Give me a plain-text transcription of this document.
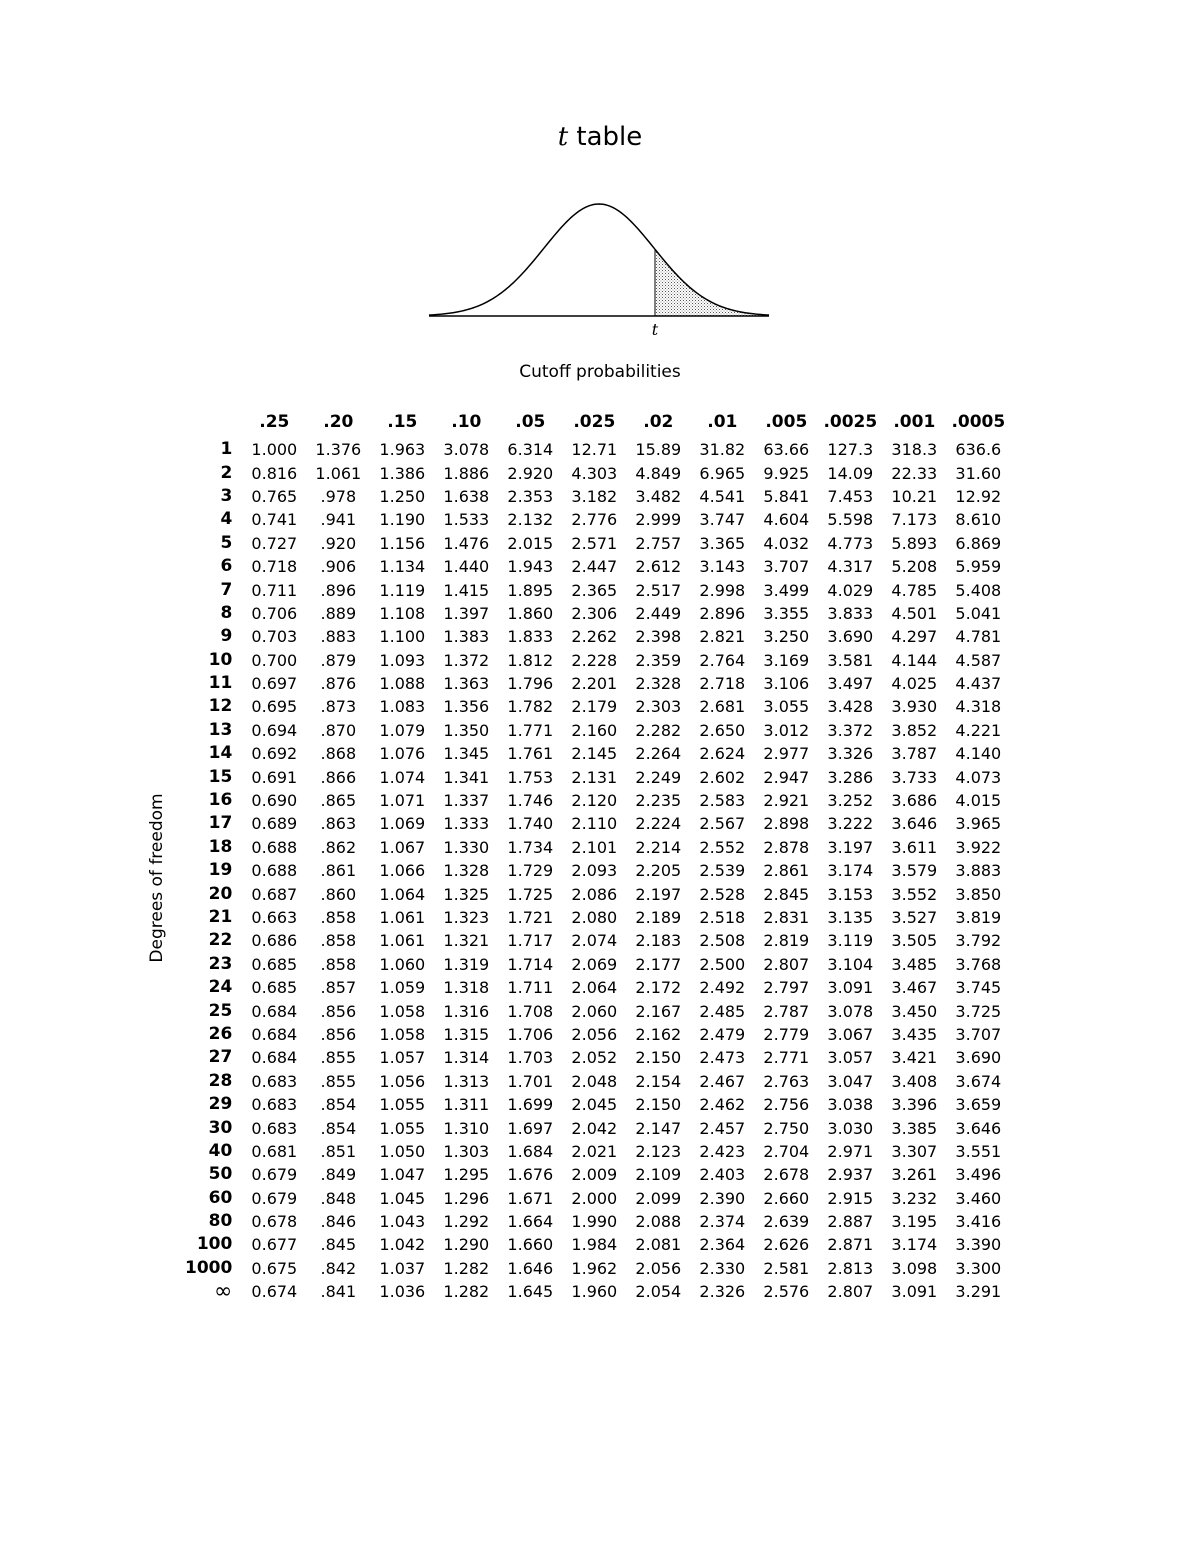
t table
t
Cutoff probabilities
Degrees of freedom
	.25	.20	.15	.10	.05	.025	.02	.01	.005	.0025	.001	.0005
1	1.000	1.376	1.963	3.078	6.314	12.71	15.89	31.82	63.66	127.3	318.3	636.6
2	0.816	1.061	1.386	1.886	2.920	4.303	4.849	6.965	9.925	14.09	22.33	31.60
3	0.765	.978	1.250	1.638	2.353	3.182	3.482	4.541	5.841	7.453	10.21	12.92
4	0.741	.941	1.190	1.533	2.132	2.776	2.999	3.747	4.604	5.598	7.173	8.610
5	0.727	.920	1.156	1.476	2.015	2.571	2.757	3.365	4.032	4.773	5.893	6.869
6	0.718	.906	1.134	1.440	1.943	2.447	2.612	3.143	3.707	4.317	5.208	5.959
7	0.711	.896	1.119	1.415	1.895	2.365	2.517	2.998	3.499	4.029	4.785	5.408
8	0.706	.889	1.108	1.397	1.860	2.306	2.449	2.896	3.355	3.833	4.501	5.041
9	0.703	.883	1.100	1.383	1.833	2.262	2.398	2.821	3.250	3.690	4.297	4.781
10	0.700	.879	1.093	1.372	1.812	2.228	2.359	2.764	3.169	3.581	4.144	4.587
11	0.697	.876	1.088	1.363	1.796	2.201	2.328	2.718	3.106	3.497	4.025	4.437
12	0.695	.873	1.083	1.356	1.782	2.179	2.303	2.681	3.055	3.428	3.930	4.318
13	0.694	.870	1.079	1.350	1.771	2.160	2.282	2.650	3.012	3.372	3.852	4.221
14	0.692	.868	1.076	1.345	1.761	2.145	2.264	2.624	2.977	3.326	3.787	4.140
15	0.691	.866	1.074	1.341	1.753	2.131	2.249	2.602	2.947	3.286	3.733	4.073
16	0.690	.865	1.071	1.337	1.746	2.120	2.235	2.583	2.921	3.252	3.686	4.015
17	0.689	.863	1.069	1.333	1.740	2.110	2.224	2.567	2.898	3.222	3.646	3.965
18	0.688	.862	1.067	1.330	1.734	2.101	2.214	2.552	2.878	3.197	3.611	3.922
19	0.688	.861	1.066	1.328	1.729	2.093	2.205	2.539	2.861	3.174	3.579	3.883
20	0.687	.860	1.064	1.325	1.725	2.086	2.197	2.528	2.845	3.153	3.552	3.850
21	0.663	.858	1.061	1.323	1.721	2.080	2.189	2.518	2.831	3.135	3.527	3.819
22	0.686	.858	1.061	1.321	1.717	2.074	2.183	2.508	2.819	3.119	3.505	3.792
23	0.685	.858	1.060	1.319	1.714	2.069	2.177	2.500	2.807	3.104	3.485	3.768
24	0.685	.857	1.059	1.318	1.711	2.064	2.172	2.492	2.797	3.091	3.467	3.745
25	0.684	.856	1.058	1.316	1.708	2.060	2.167	2.485	2.787	3.078	3.450	3.725
26	0.684	.856	1.058	1.315	1.706	2.056	2.162	2.479	2.779	3.067	3.435	3.707
27	0.684	.855	1.057	1.314	1.703	2.052	2.150	2.473	2.771	3.057	3.421	3.690
28	0.683	.855	1.056	1.313	1.701	2.048	2.154	2.467	2.763	3.047	3.408	3.674
29	0.683	.854	1.055	1.311	1.699	2.045	2.150	2.462	2.756	3.038	3.396	3.659
30	0.683	.854	1.055	1.310	1.697	2.042	2.147	2.457	2.750	3.030	3.385	3.646
40	0.681	.851	1.050	1.303	1.684	2.021	2.123	2.423	2.704	2.971	3.307	3.551
50	0.679	.849	1.047	1.295	1.676	2.009	2.109	2.403	2.678	2.937	3.261	3.496
60	0.679	.848	1.045	1.296	1.671	2.000	2.099	2.390	2.660	2.915	3.232	3.460
80	0.678	.846	1.043	1.292	1.664	1.990	2.088	2.374	2.639	2.887	3.195	3.416
100	0.677	.845	1.042	1.290	1.660	1.984	2.081	2.364	2.626	2.871	3.174	3.390
1000	0.675	.842	1.037	1.282	1.646	1.962	2.056	2.330	2.581	2.813	3.098	3.300
∞	0.674	.841	1.036	1.282	1.645	1.960	2.054	2.326	2.576	2.807	3.091	3.291
